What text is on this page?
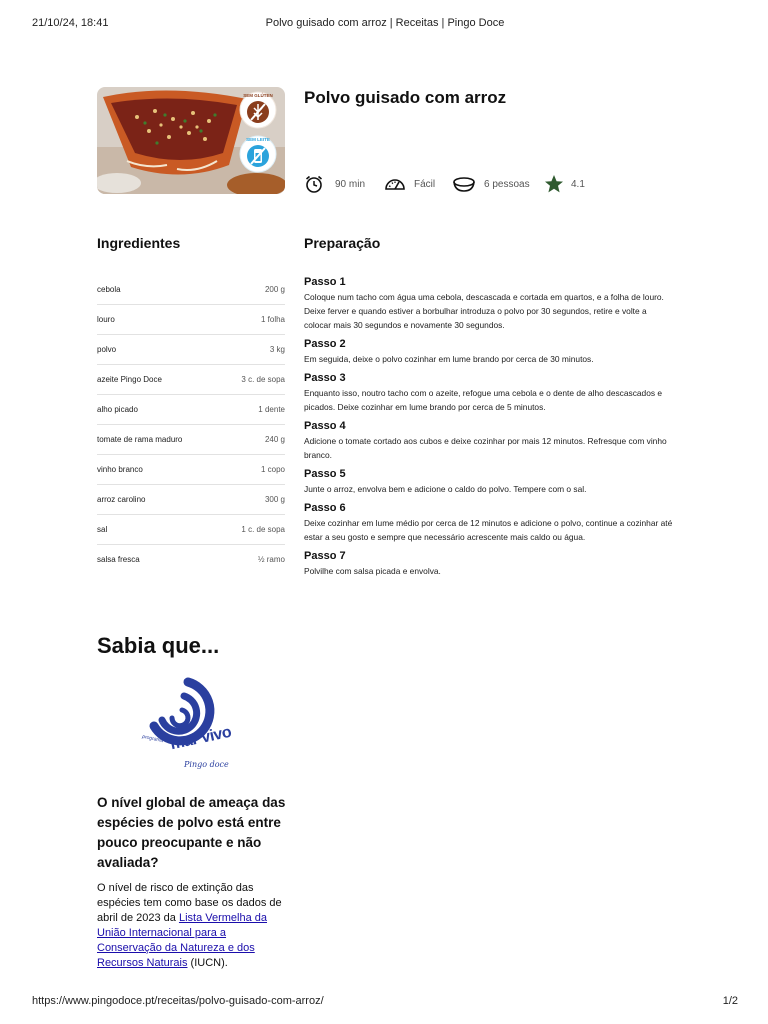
21/10/24, 18:41	Polvo guisado com arroz | Receitas | Pingo Doce
SEM GLÚTEN
SEM LEITE
Polvo guisado com arroz
90 min	Fácil	6 pessoas	4.1
Ingredientes
cebola	200 g
louro	1 folha
polvo	3 kg
azeite Pingo Doce	3 c. de sopa
alho picado	1 dente
tomate de rama maduro	240 g
vinho branco	1 copo
arroz carolino	300 g
sal	1 c. de sopa
salsa fresca	½ ramo
Preparação
Passo 1

Coloque num tacho com água uma cebola, descascada e cortada em quartos, e a folha de louro. Deixe ferver e quando estiver a borbulhar introduza o polvo por 30 segundos, retire e volte a colocar mais 30 segundos e novamente 30 segundos.

Passo 2

Em seguida, deixe o polvo cozinhar em lume brando por cerca de 30 minutos.

Passo 3

Enquanto isso, noutro tacho com o azeite, refogue uma cebola e o dente de alho descascados e picados. Deixe cozinhar em lume brando por cerca de 5 minutos.

Passo 4

Adicione o tomate cortado aos cubos e deixe cozinhar por mais 12 minutos. Refresque com vinho branco.

Passo 5

Junte o arroz, envolva bem e adicione o caldo do polvo. Tempere com o sal.

Passo 6

Deixe cozinhar em lume médio por cerca de 12 minutos e adicione o polvo, continue a cozinhar até estar a seu gosto e sempre que necessário acrescente mais caldo ou água.

Passo 7

Polvilhe com salsa picada e envolva.

Sabia que...
programa mar vivo
Pingo doce
O nível global de ameaça das espécies de polvo está entre pouco preocupante e não avaliada?

O nível de risco de extinção das espécies tem como base os dados de abril de 2023 da Lista Vermelha da União Internacional para a Conservação da Natureza e dos Recursos Naturais (IUCN).

https://www.pingodoce.pt/receitas/polvo-guisado-com-arroz/	1/2
